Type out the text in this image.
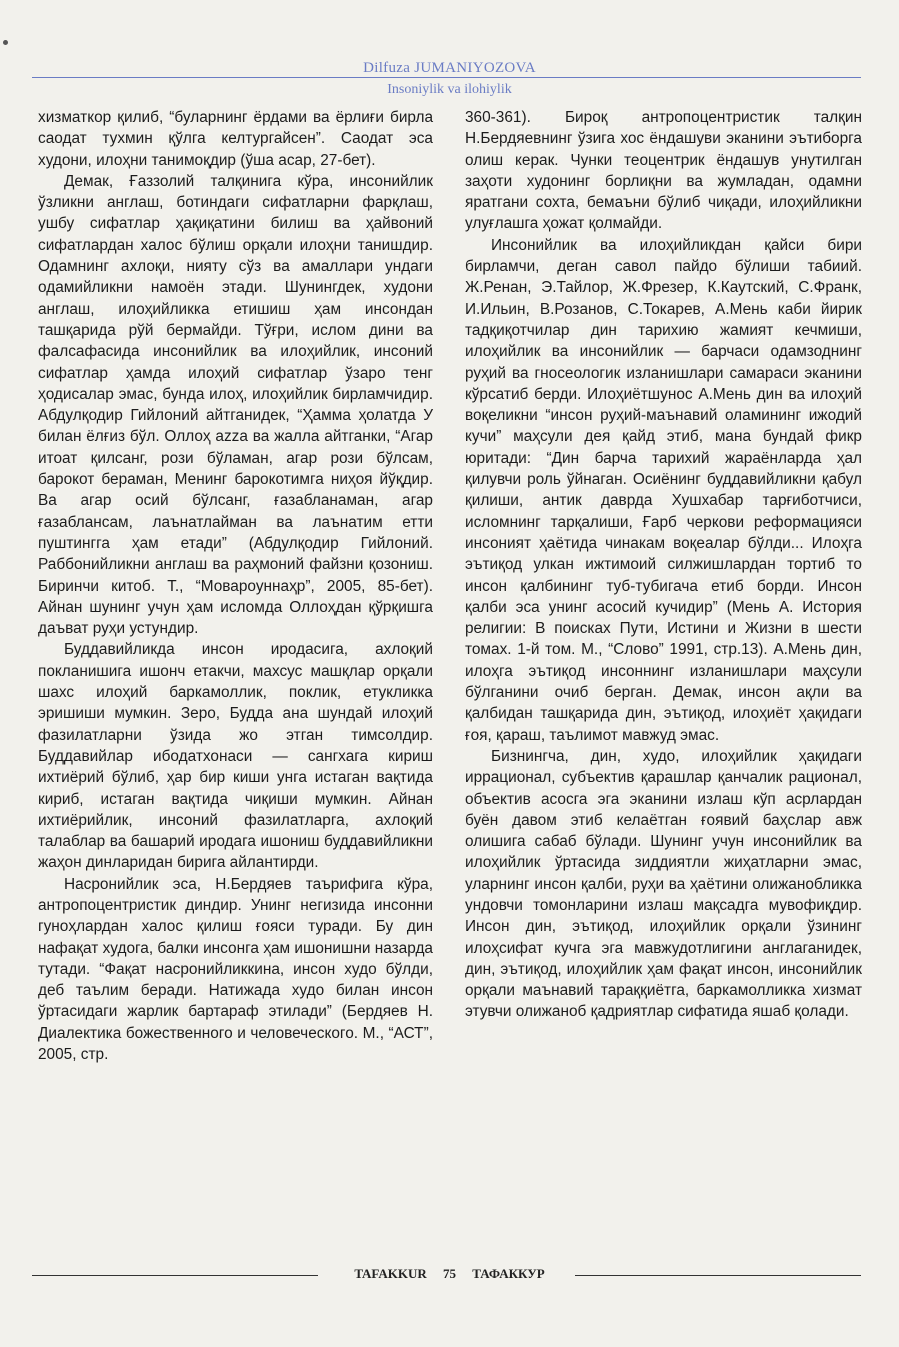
Dilfuza JUMANIYOZOVA
Insoniylik va ilohiylik

хизматкор қилиб, “буларнинг ёрдами ва ёрлиғи бирла саодат тухмин қўлга келтургайсен”. Саодат эса худони, илоҳни танимоқдир (ўша асар, 27-бет).

Демак, Ғаззолий талқинига кўра, инсонийлик ўзликни англаш, ботиндаги сифатларни фарқлаш, ушбу сифатлар ҳақиқатини билиш ва ҳайвоний сифатлардан халос бўлиш орқали илоҳни танишдир. Одамнинг ахлоқи, нияту сўз ва амаллари ундаги одамийликни намоён этади. Шунингдек, худони англаш, илоҳийликка етишиш ҳам инсондан ташқарида рўй бермайди. Тўғри, ислом дини ва фалсафасида инсонийлик ва илоҳийлик, инсоний сифатлар ҳамда илоҳий сифатлар ўзаро тенг ҳодисалар эмас, бунда илоҳ, илоҳийлик бирламчидир. Абдулқодир Гийлоний айтганидек, “Ҳамма ҳолатда У билан ёлғиз бўл. Оллоҳ azza ва жалла айтганки, “Агар итоат қилсанг, рози бўламан, агар рози бўлсам, барокот бераман, Менинг барокотимга ниҳоя йўқдир. Ва агар осий бўлсанг, ғазабланаман, агар ғазаблансам, лаънатлайман ва лаънатим етти пуштингга ҳам етади” (Абдулқодир Гийлоний. Раббонийликни англаш ва раҳмоний файзни қозониш. Биринчи китоб. Т., “Мовароуннаҳр”, 2005, 85-бет). Айнан шунинг учун ҳам исломда Оллоҳдан қўрқишга даъват руҳи устундир.

Буддавийликда инсон иродасига, ахлоқий покланишига ишонч етакчи, махсус машқлар орқали шахс илоҳий баркамоллик, поклик, етукликка эришиши мумкин. Зеро, Будда ана шундай илоҳий фазилатларни ўзида жо этган тимсолдир. Буддавийлар ибодатхонаси — сангхага кириш ихтиёрий бўлиб, ҳар бир киши унга истаган вақтида кириб, истаган вақтида чиқиши мумкин. Айнан ихтиёрийлик, инсоний фазилатларга, ахлоқий талаблар ва башарий иродага ишониш буддавийликни жаҳон динларидан бирига айлантирди.

Насронийлик эса, Н.Бердяев таърифига кўра, антропоцентристик диндир. Унинг негизида инсонни гуноҳлардан халос қилиш ғояси туради. Бу дин нафақат худога, балки инсонга ҳам ишонишни назарда тутади. “Фақат насронийликкина, инсон худо бўлди, деб таълим беради. Натижада худо билан инсон ўртасидаги жарлик бартараф этилади” (Бердяев Н. Диалектика божественного и человеческого. М., “АСТ”, 2005, стр.

360-361). Бироқ антропоцентристик талқин Н.Бердяевнинг ўзига хос ёндашуви эканини эътиборга олиш керак. Чунки теоцентрик ёндашув унутилган заҳоти худонинг борлиқни ва жумладан, одамни яратгани сохта, бемаъни бўлиб чиқади, илоҳийликни улуғлашга ҳожат қолмайди.

Инсонийлик ва илоҳийликдан қайси бири бирламчи, деган савол пайдо бўлиши табиий. Ж.Ренан, Э.Тайлор, Ж.Фрезер, К.Каутский, С.Франк, И.Ильин, В.Розанов, С.Токарев, А.Мень каби йирик тадқиқотчилар дин тарихию жамият кечмиши, илоҳийлик ва инсонийлик — барчаси одамзоднинг руҳий ва гносеологик изланишлари самараси эканини кўрсатиб берди. Илоҳиётшунос А.Мень дин ва илоҳий воқеликни “инсон руҳий-маънавий оламининг ижодий кучи” маҳсули дея қайд этиб, мана бундай фикр юритади: “Дин барча тарихий жараёнларда ҳал қилувчи роль ўйнаган. Осиёнинг буддавийликни қабул қилиши, антик даврда Хушхабар тарғиботчиси, исломнинг тарқалиши, Ғарб черкови реформацияси инсоният ҳаётида чинакам воқеалар бўлди... Илоҳга эътиқод улкан ижтимоий силжишлардан тортиб то инсон қалбининг туб-тубигача етиб борди. Инсон қалби эса унинг асосий кучидир” (Мень А. История религии: В поисках Пути, Истини и Жизни в шести томах. 1-й том. М., “Слово” 1991, стр.13). А.Мень дин, илоҳга эътиқод инсоннинг изланишлари маҳсули бўлганини очиб берган. Демак, инсон ақли ва қалбидан ташқарида дин, эътиқод, илоҳиёт ҳақидаги ғоя, қараш, таълимот мавжуд эмас.

Бизнингча, дин, худо, илоҳийлик ҳақидаги иррационал, субъектив қарашлар қанчалик рационал, объектив асосга эга эканини излаш кўп асрлардан буён давом этиб келаётган ғоявий баҳслар авж олишига сабаб бўлади. Шунинг учун инсонийлик ва илоҳийлик ўртасида зиддиятли жиҳатларни эмас, уларнинг инсон қалби, руҳи ва ҳаётини олижанобликка ундовчи томонларини излаш мақсадга мувофиқдир. Инсон дин, эътиқод, илоҳийлик орқали ўзининг илоҳсифат кучга эга мавжудотлигини англаганидек, дин, эътиқод, илоҳийлик ҳам фақат инсон, инсонийлик орқали маънавий тараққиётга, баркамолликка хизмат этувчи олижаноб қадриятлар сифатида яшаб қолади.

TAFAKKUR 75 ТАФАККУР
